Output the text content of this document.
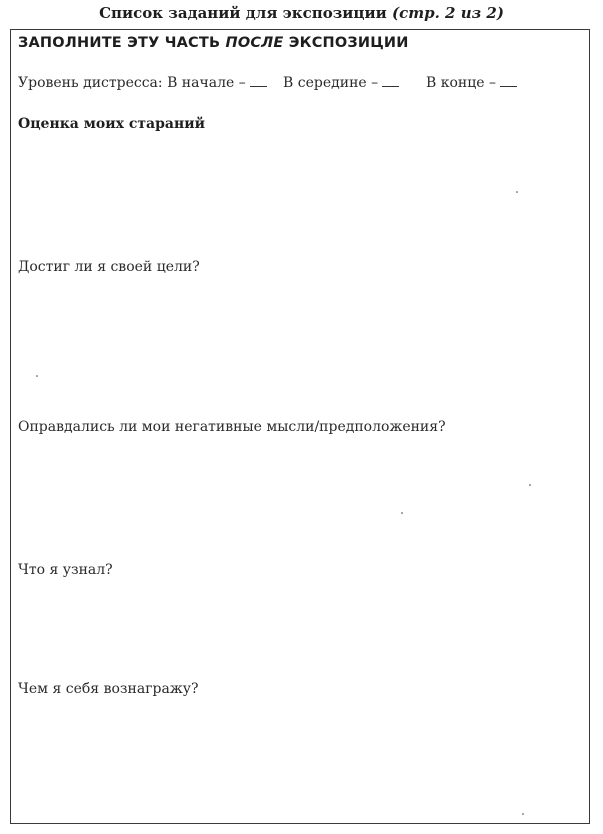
Список заданий для экспозиции (стр. 2 из 2)
ЗАПОЛНИТЕ ЭТУ ЧАСТЬ ПОСЛЕ ЭКСПОЗИЦИИ
Уровень дистресса: В начале –	В середине –	В конце –
Оценка моих стараний
Достиг ли я своей цели?
Оправдались ли мои негативные мысли/предположения?
Что я узнал?
Чем я себя вознагражу?
